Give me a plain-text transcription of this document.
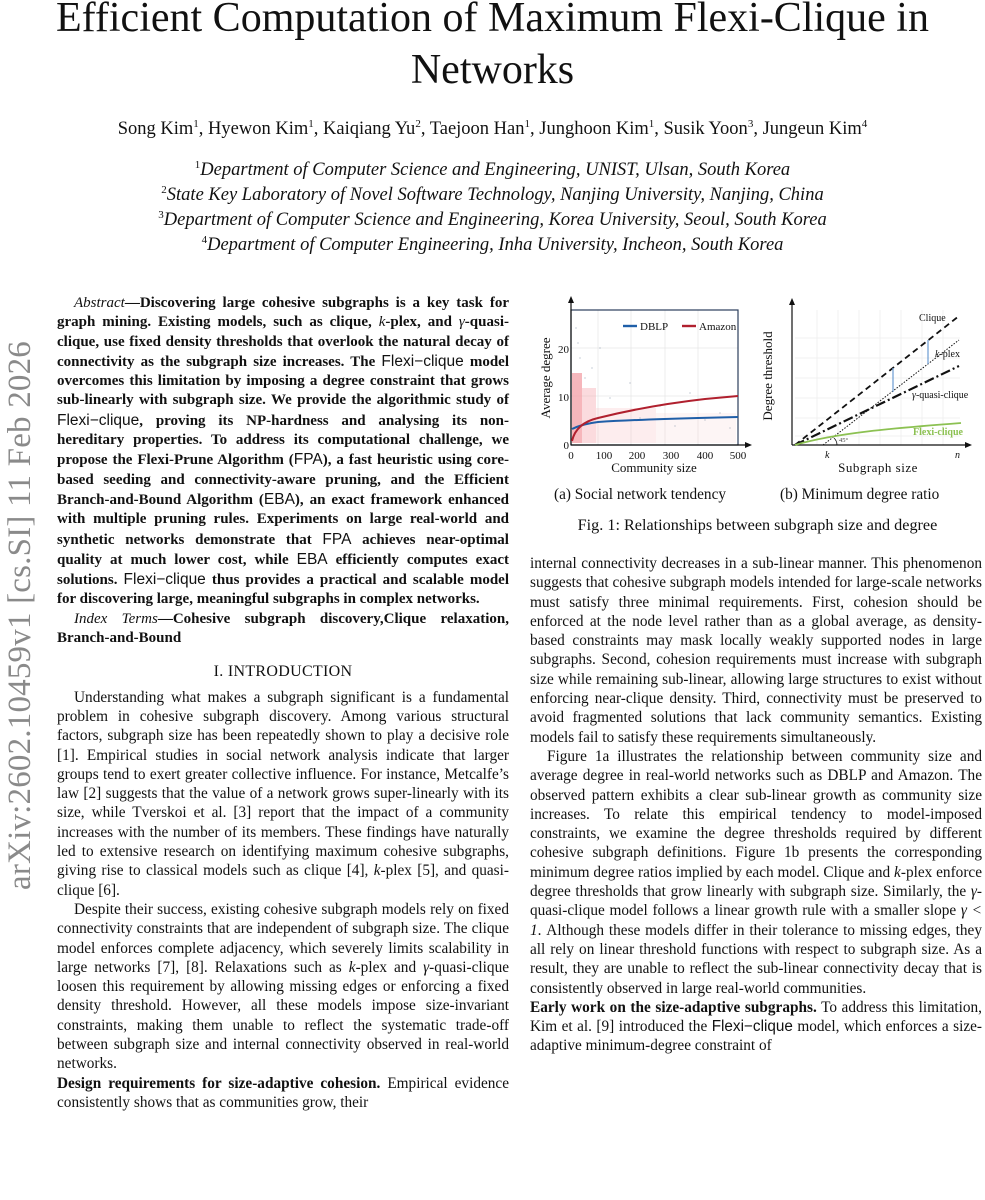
Efficient Computation of Maximum Flexi-Clique in
Networks
Song Kim$^1$, Hyewon Kim$^1$, Kaiqiang Yu$^2$, Taejoon Han$^1$, Junghoon Kim$^1$, Susik Yoon$^3$, Jungeun Kim$^4$
$^1$Department of Computer Science and Engineering, UNIST, Ulsan, South Korea
$^2$State Key Laboratory of Novel Software Technology, Nanjing University, Nanjing, China
$^3$Department of Computer Science and Engineering, Korea University, Seoul, South Korea
$^4$Department of Computer Engineering, Inha University, Incheon, South Korea
arXiv:2602.10459v1 [cs.SI] 11 Feb 2026

Abstract—Discovering large cohesive subgraphs is a key task for graph mining. Existing models, such as clique, k-plex, and γ-quasi-clique, use fixed density thresholds that overlook the natural decay of connectivity as the subgraph size increases. The Flexi−clique model overcomes this limitation by imposing a degree constraint that grows sub-linearly with subgraph size. We provide the algorithmic study of Flexi−clique, proving its NP-hardness and analysing its non-hereditary properties. To address its computational challenge, we propose the Flexi-Prune Algorithm (FPA), a fast heuristic using core-based seeding and connectivity-aware pruning, and the Efficient Branch-and-Bound Algorithm (EBA), an exact framework enhanced with multiple pruning rules. Experiments on large real-world and synthetic networks demonstrate that FPA achieves near-optimal quality at much lower cost, while EBA efficiently computes exact solutions. Flexi−clique thus provides a practical and scalable model for discovering large, meaningful subgraphs in complex networks.

Index Terms—Cohesive subgraph discovery,Clique relaxation, Branch-and-Bound

I. INTRODUCTION

Understanding what makes a subgraph significant is a fundamental problem in cohesive subgraph discovery. Among various structural factors, subgraph size has been repeatedly shown to play a decisive role [1]. Empirical studies in social network analysis indicate that larger groups tend to exert greater collective influence. For instance, Metcalfe’s law [2] suggests that the value of a network grows super-linearly with its size, while Tverskoi et al. [3] report that the impact of a community increases with the number of its members. These findings have naturally led to extensive research on identifying maximum cohesive subgraphs, giving rise to classical models such as clique [4], k-plex [5], and quasi-clique [6].

Despite their success, existing cohesive subgraph models rely on fixed connectivity constraints that are independent of subgraph size. The clique model enforces complete adjacency, which severely limits scalability in large networks [7], [8]. Relaxations such as k-plex and γ-quasi-clique loosen this requirement by allowing missing edges or enforcing a fixed density threshold. However, all these models impose size-invariant constraints, making them unable to reflect the systematic trade-off between subgraph size and internal connectivity observed in real-world networks.

Design requirements for size-adaptive cohesion. Empirical evidence consistently shows that as communities grow, their

DBLP	Amazon
0
10
20
0 100 200 300 400 500
Community size
Average degree
45°
Clique
k-plex
γ-quasi-clique
Flexi-clique
k	n
Subgraph size
Degree threshold
(a) Social network tendency	(b) Minimum degree ratio
Fig. 1: Relationships between subgraph size and degree

internal connectivity decreases in a sub-linear manner. This phenomenon suggests that cohesive subgraph models intended for large-scale networks must satisfy three minimal requirements. First, cohesion should be enforced at the node level rather than as a global average, as density-based constraints may mask locally weakly supported nodes in large subgraphs. Second, cohesion requirements must increase with subgraph size while remaining sub-linear, allowing large structures to exist without enforcing near-clique density. Third, connectivity must be preserved to avoid fragmented solutions that lack community semantics. Existing models fail to satisfy these requirements simultaneously.

Figure 1a illustrates the relationship between community size and average degree in real-world networks such as DBLP and Amazon. The observed pattern exhibits a clear sub-linear growth as community size increases. To relate this empirical tendency to model-imposed constraints, we examine the degree thresholds required by different cohesive subgraph definitions. Figure 1b presents the corresponding minimum degree ratios implied by each model. Clique and k-plex enforce degree thresholds that grow linearly with subgraph size. Similarly, the γ-quasi-clique model follows a linear growth rule with a smaller slope γ < 1. Although these models differ in their tolerance to missing edges, they all rely on linear threshold functions with respect to subgraph size. As a result, they are unable to reflect the sub-linear connectivity decay that is consistently observed in large real-world communities.

Early work on the size-adaptive subgraphs. To address this limitation, Kim et al. [9] introduced the Flexi−clique model, which enforces a size-adaptive minimum-degree constraint of
